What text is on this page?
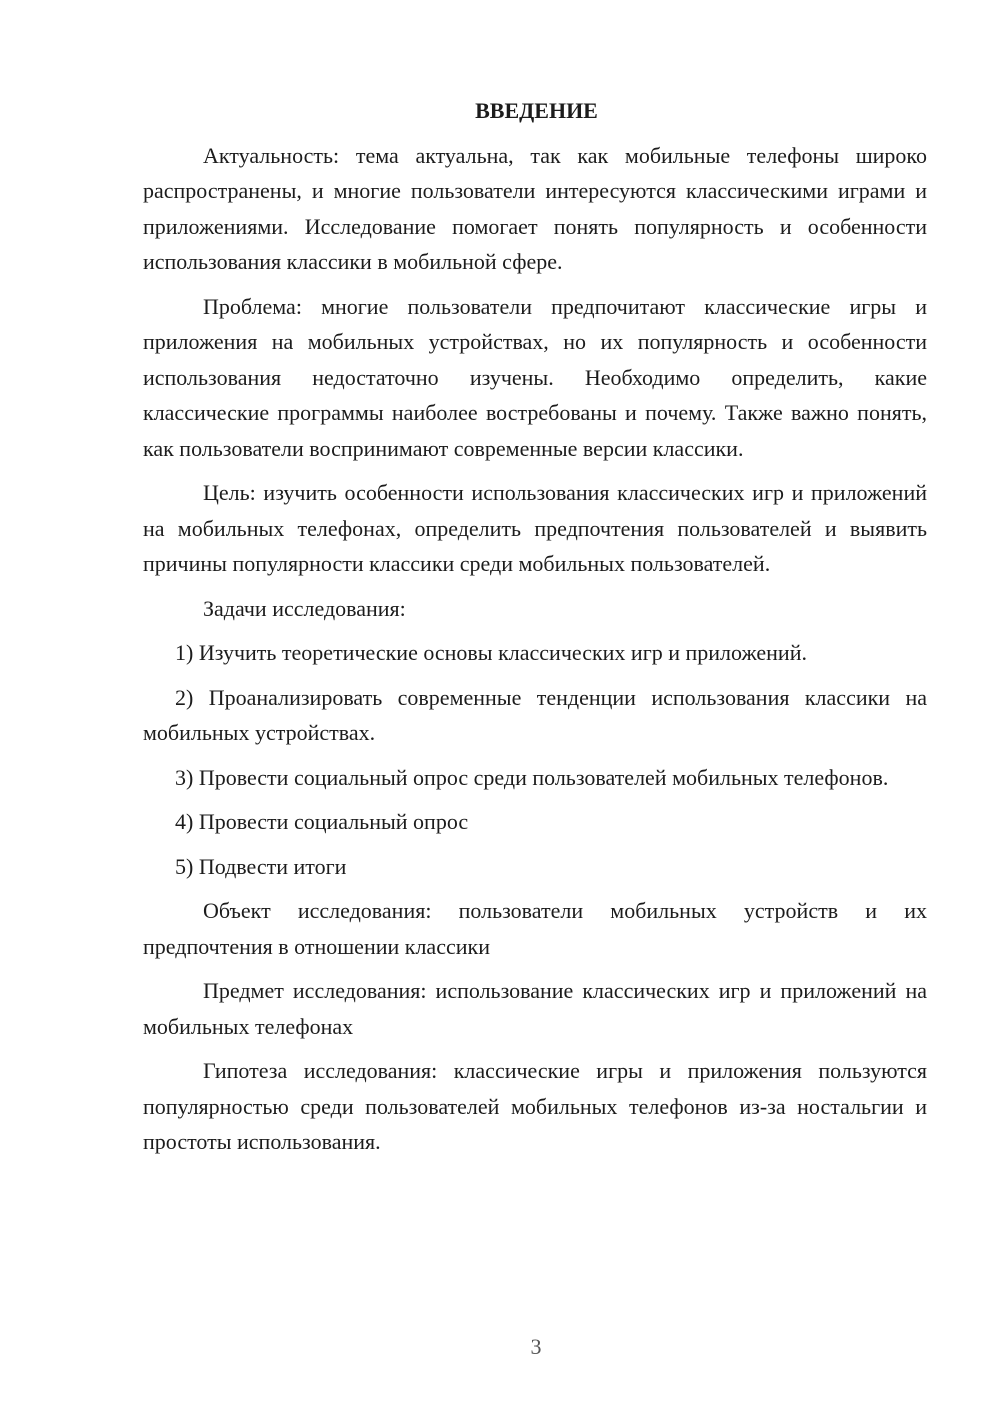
ВВЕДЕНИЕ

Актуальность: тема актуальна, так как мобильные телефоны широко распространены, и многие пользователи интересуются классическими играми и приложениями. Исследование помогает понять популярность и особенности использования классики в мобильной сфере.

Проблема: многие пользователи предпочитают классические игры и приложения на мобильных устройствах, но их популярность и особенности использования недостаточно изучены. Необходимо определить, какие классические программы наиболее востребованы и почему. Также важно понять, как пользователи воспринимают современные версии классики.

Цель: изучить особенности использования классических игр и приложений на мобильных телефонах, определить предпочтения пользователей и выявить причины популярности классики среди мобильных пользователей.

Задачи исследования:

1) Изучить теоретические основы классических игр и приложений.

2) Проанализировать современные тенденции использования классики на мобильных устройствах.

3) Провести социальный опрос среди пользователей мобильных телефонов.

4) Провести социальный опрос

5) Подвести итоги

Объект исследования: пользователи мобильных устройств и их предпочтения в отношении классики

Предмет исследования: использование классических игр и приложений на мобильных телефонах

Гипотеза исследования: классические игры и приложения пользуются популярностью среди пользователей мобильных телефонов из-за ностальгии и простоты использования.

3
